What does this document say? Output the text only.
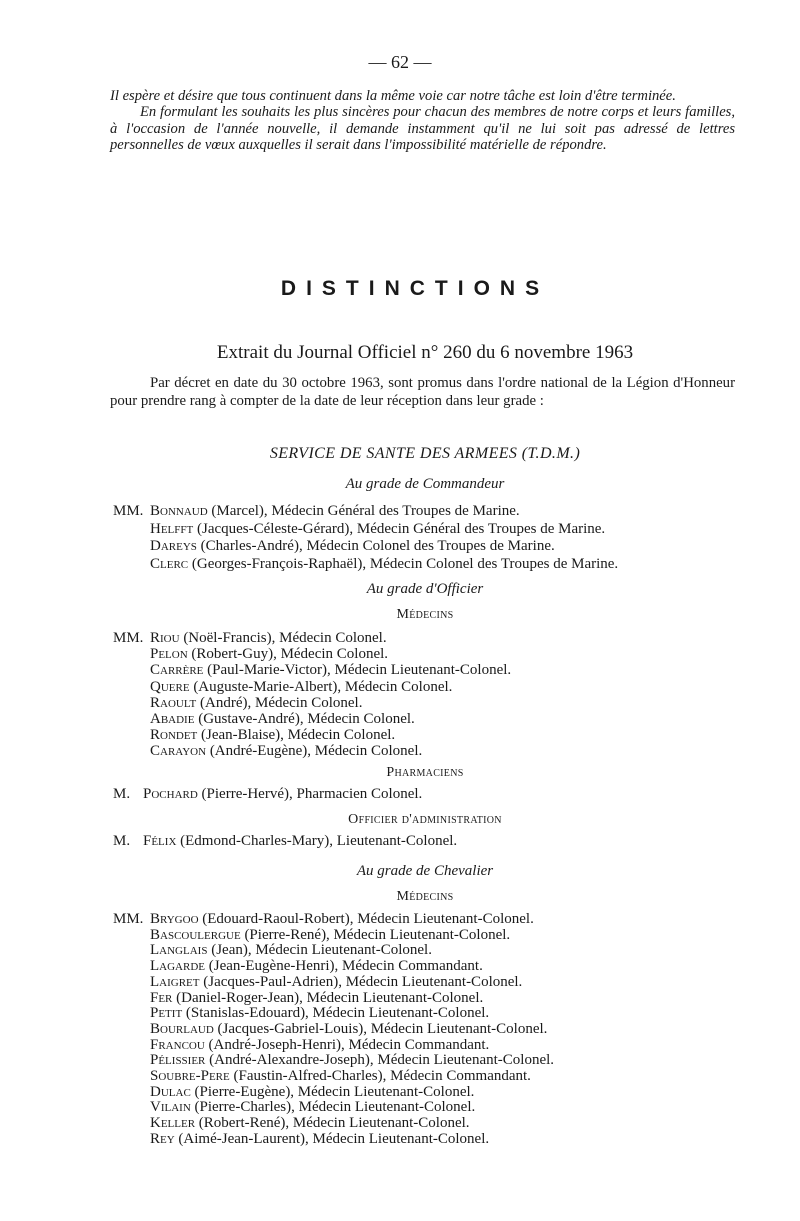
— 62 —

Il espère et désire que tous continuent dans la même voie car notre tâche est loin d'être terminée.

En formulant les souhaits les plus sincères pour chacun des membres de notre corps et leurs familles, à l'occasion de l'année nouvelle, il demande instamment qu'il ne lui soit pas adressé de lettres personnelles de vœux auxquelles il serait dans l'impossibilité matérielle de répondre.

DISTINCTIONS
Extrait du Journal Officiel n° 260 du 6 novembre 1963

Par décret en date du 30 octobre 1963, sont promus dans l'ordre national de la Légion d'Honneur pour prendre rang à compter de la date de leur réception dans leur grade :

SERVICE DE SANTE DES ARMEES (T.D.M.)
Au grade de Commandeur
MM. Bonnaud (Marcel), Médecin Général des Troupes de Marine.
Helfft (Jacques-Céleste-Gérard), Médecin Général des Troupes de Marine.
Dareys (Charles-André), Médecin Colonel des Troupes de Marine.
Clerc (Georges-François-Raphaël), Médecin Colonel des Troupes de Marine.
Au grade d'Officier
Médecins
MM. Riou (Noël-Francis), Médecin Colonel.
Pelon (Robert-Guy), Médecin Colonel.
Carrère (Paul-Marie-Victor), Médecin Lieutenant-Colonel.
Quere (Auguste-Marie-Albert), Médecin Colonel.
Raoult (André), Médecin Colonel.
Abadie (Gustave-André), Médecin Colonel.
Rondet (Jean-Blaise), Médecin Colonel.
Carayon (André-Eugène), Médecin Colonel.
Pharmaciens
M. Pochard (Pierre-Hervé), Pharmacien Colonel.
Officier d'administration
M. Félix (Edmond-Charles-Mary), Lieutenant-Colonel.
Au grade de Chevalier
Médecins
MM. Brygoo (Edouard-Raoul-Robert), Médecin Lieutenant-Colonel.
Bascoulergue (Pierre-René), Médecin Lieutenant-Colonel.
Langlais (Jean), Médecin Lieutenant-Colonel.
Lagarde (Jean-Eugène-Henri), Médecin Commandant.
Laigret (Jacques-Paul-Adrien), Médecin Lieutenant-Colonel.
Fer (Daniel-Roger-Jean), Médecin Lieutenant-Colonel.
Petit (Stanislas-Edouard), Médecin Lieutenant-Colonel.
Bourlaud (Jacques-Gabriel-Louis), Médecin Lieutenant-Colonel.
Francou (André-Joseph-Henri), Médecin Commandant.
Pélissier (André-Alexandre-Joseph), Médecin Lieutenant-Colonel.
Soubre-Pere (Faustin-Alfred-Charles), Médecin Commandant.
Dulac (Pierre-Eugène), Médecin Lieutenant-Colonel.
Vilain (Pierre-Charles), Médecin Lieutenant-Colonel.
Keller (Robert-René), Médecin Lieutenant-Colonel.
Rey (Aimé-Jean-Laurent), Médecin Lieutenant-Colonel.
